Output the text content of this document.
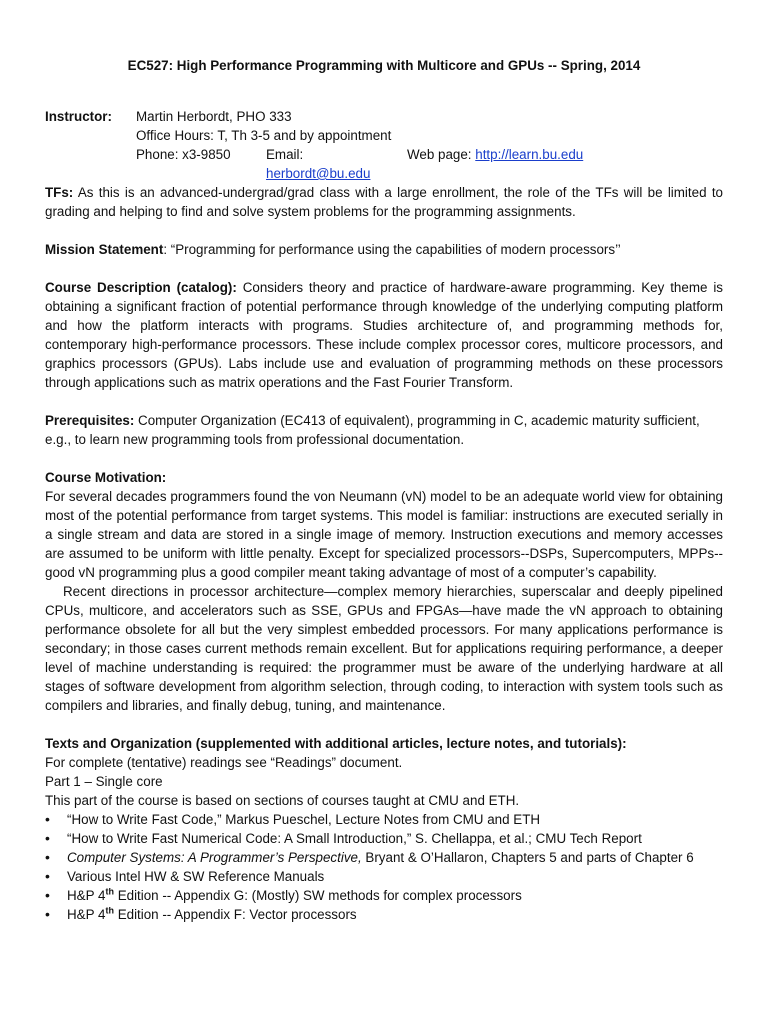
EC527: High Performance Programming with Multicore and GPUs -- Spring, 2014

Instructor:	Martin Herbordt, PHO 333
Office Hours: T, Th 3-5 and by appointment
Phone: x3-9850	Email: herbordt@bu.edu
Web page: http://learn.bu.edu

TFs: As this is an advanced-undergrad/grad class with a large enrollment, the role of the TFs will be limited to grading and helping to find and solve system problems for the programming assignments.

Mission Statement: “Programming for performance using the capabilities of modern processors’’

Course Description (catalog): Considers theory and practice of hardware-aware programming. Key theme is obtaining a significant fraction of potential performance through knowledge of the underlying computing platform and how the platform interacts with programs. Studies architecture of, and programming methods for, contemporary high-performance processors. These include complex processor cores, multicore processors, and graphics processors (GPUs). Labs include use and evaluation of programming methods on these processors through applications such as matrix operations and the Fast Fourier Transform.

Prerequisites: Computer Organization (EC413 of equivalent), programming in C, academic maturity sufficient, e.g., to learn new programming tools from professional documentation.

Course Motivation:

For several decades programmers found the von Neumann (vN) model to be an adequate world view for obtaining most of the potential performance from target systems. This model is familiar: instructions are executed serially in a single stream and data are stored in a single image of memory. Instruction executions and memory accesses are assumed to be uniform with little penalty. Except for specialized processors--DSPs, Supercomputers, MPPs--good vN programming plus a good compiler meant taking advantage of most of a computer’s capability.

Recent directions in processor architecture—complex memory hierarchies, superscalar and deeply pipelined CPUs, multicore, and accelerators such as SSE, GPUs and FPGAs—have made the vN approach to obtaining performance obsolete for all but the very simplest embedded processors. For many applications performance is secondary; in those cases current methods remain excellent. But for applications requiring performance, a deeper level of machine understanding is required: the programmer must be aware of the underlying hardware at all stages of software development from algorithm selection, through coding, to interaction with system tools such as compilers and libraries, and finally debug, tuning, and maintenance.

Texts and Organization (supplemented with additional articles, lecture notes, and tutorials):

For complete (tentative) readings see “Readings” document.

Part 1 – Single core

This part of the course is based on sections of courses taught at CMU and ETH.

• “How to Write Fast Code,” Markus Pueschel, Lecture Notes from CMU and ETH
• “How to Write Fast Numerical Code: A Small Introduction,” S. Chellappa, et al.; CMU Tech Report
• Computer Systems: A Programmer’s Perspective, Bryant & O’Hallaron, Chapters 5 and parts of Chapter 6
• Various Intel HW & SW Reference Manuals
• H&P 4th Edition -- Appendix G: (Mostly) SW methods for complex processors
• H&P 4th Edition -- Appendix F: Vector processors
